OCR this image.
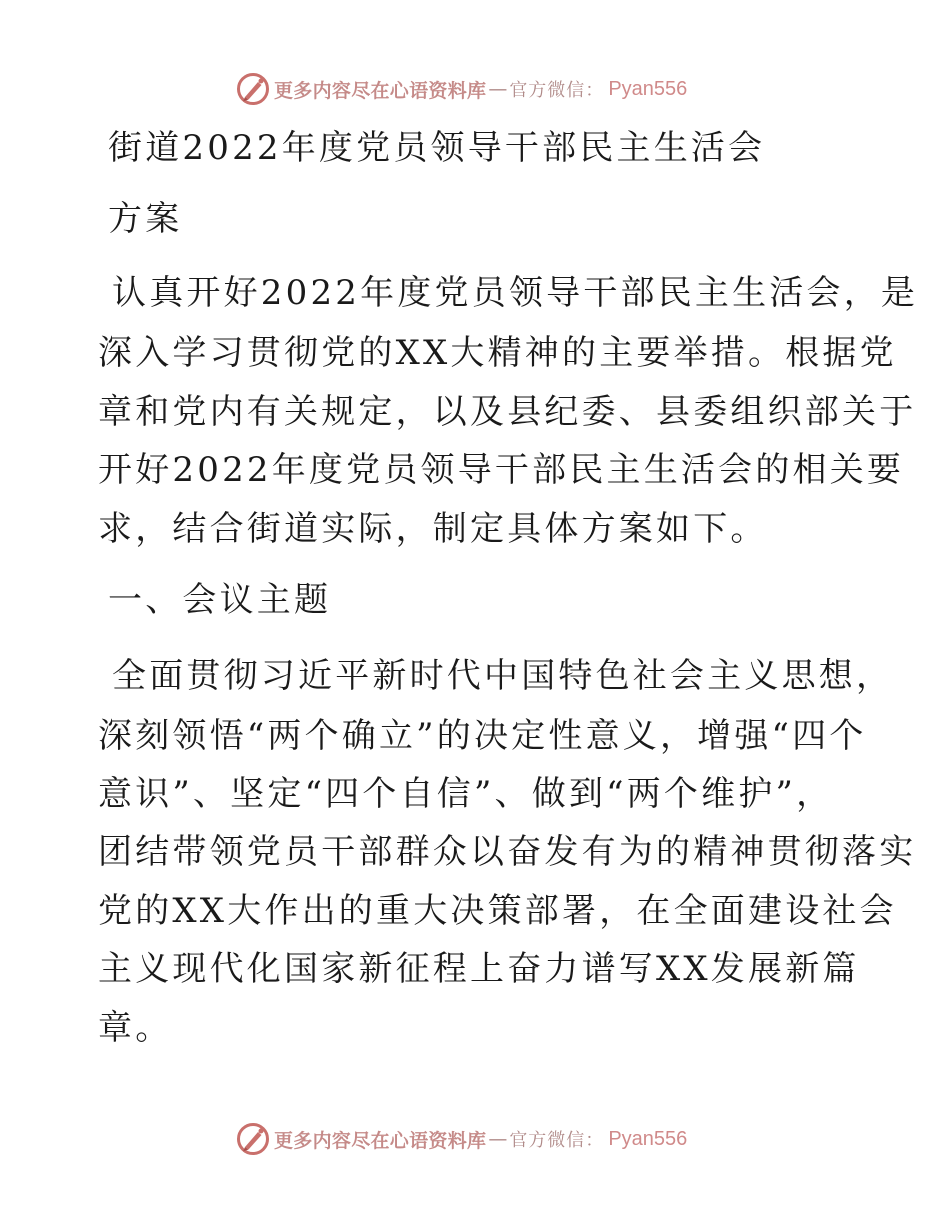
更多内容尽在心语资料库 — 官方微信： Pyan556
街道2022年度党员领导干部民主生活会
方案
认真开好2022年度党员领导干部民主生活会，是
深入学习贯彻党的XX大精神的主要举措。根据党
章和党内有关规定，以及县纪委、县委组织部关于
开好2022年度党员领导干部民主生活会的相关要
求，结合街道实际，制定具体方案如下。
一、会议主题
全面贯彻习近平新时代中国特色社会主义思想，
深刻领悟“两个确立”的决定性意义，增强“四个
意识”、坚定“四个自信”、做到“两个维护”，
团结带领党员干部群众以奋发有为的精神贯彻落实
党的XX大作出的重大决策部署，在全面建设社会
主义现代化国家新征程上奋力谱写XX发展新篇
章。
更多内容尽在心语资料库 — 官方微信： Pyan556
